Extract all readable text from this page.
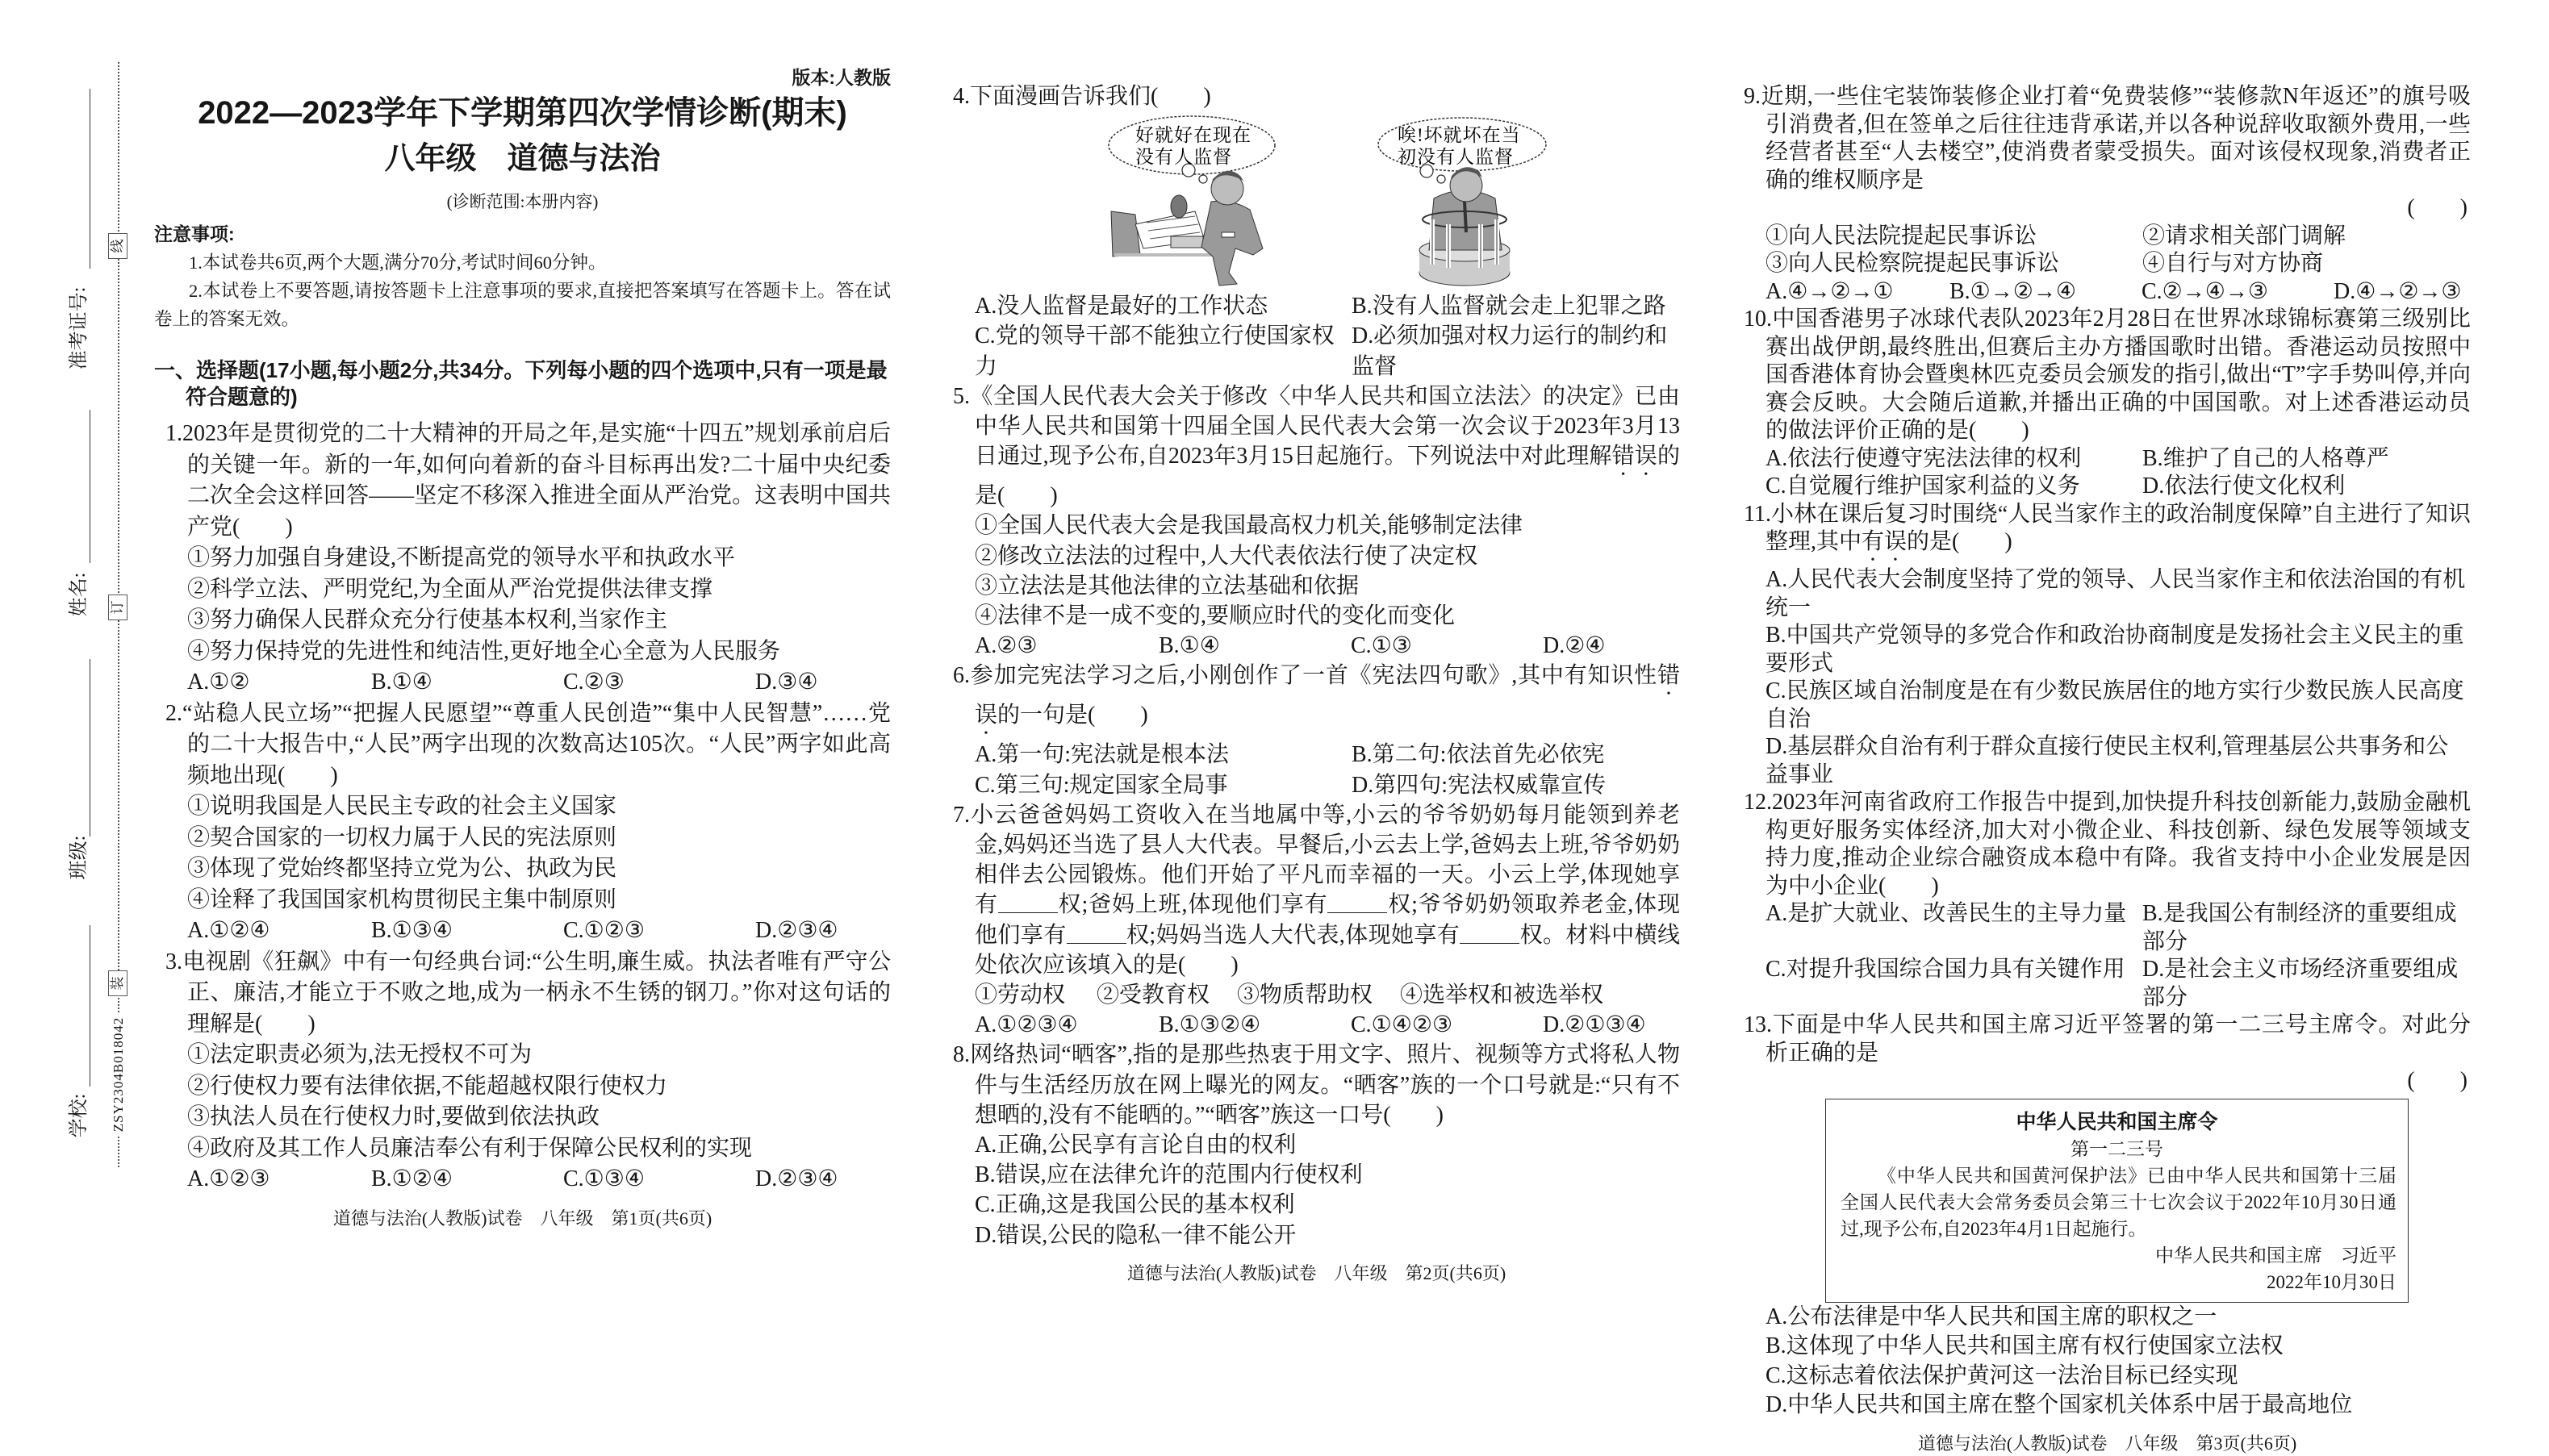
准考证号:
姓名:
班级:
学校: ZSY2304B018042
线
订
装
版本:人教版
2022—2023学年下学期第四次学情诊断(期末)
八年级　道德与法治
(诊断范围:本册内容)
注意事项:
1.本试卷共6页,两个大题,满分70分,考试时间60分钟。
2.本试卷上不要答题,请按答题卡上注意事项的要求,直接把答案填写在答题卡上。答在试卷上的答案无效。
一、选择题(17小题,每小题2分,共34分。下列每小题的四个选项中,只有一项是最符合题意的)
1.2023年是贯彻党的二十大精神的开局之年,是实施“十四五”规划承前启后的关键一年。新的一年,如何向着新的奋斗目标再出发?二十届中央纪委二次全会这样回答——坚定不移深入推进全面从严治党。这表明中国共产党(　　)
①努力加强自身建设,不断提高党的领导水平和执政水平
②科学立法、严明党纪,为全面从严治党提供法律支撑
③努力确保人民群众充分行使基本权利,当家作主
④努力保持党的先进性和纯洁性,更好地全心全意为人民服务
A.①②	B.①④	C.②③	D.③④
2.“站稳人民立场”“把握人民愿望”“尊重人民创造”“集中人民智慧”……党的二十大报告中,“人民”两字出现的次数高达105次。“人民”两字如此高频地出现(　　)
①说明我国是人民民主专政的社会主义国家
②契合国家的一切权力属于人民的宪法原则
③体现了党始终都坚持立党为公、执政为民
④诠释了我国国家机构贯彻民主集中制原则
A.①②④	B.①③④	C.①②③	D.②③④
3.电视剧《狂飙》中有一句经典台词:“公生明,廉生威。执法者唯有严守公正、廉洁,才能立于不败之地,成为一柄永不生锈的钢刀。”你对这句话的理解是(　　)
①法定职责必须为,法无授权不可为
②行使权力要有法律依据,不能超越权限行使权力
③执法人员在行使权力时,要做到依法执政
④政府及其工作人员廉洁奉公有利于保障公民权利的实现
A.①②③	B.①②④	C.①③④	D.②③④
道德与法治(人教版)试卷　八年级　第1页(共6页)
4.下面漫画告诉我们(　　)
好就好在现在
没有人监督
唉!坏就坏在当
初没有人监督
A.没人监督是最好的工作状态	B.没有人监督就会走上犯罪之路
C.党的领导干部不能独立行使国家权力
D.必须加强对权力运行的制约和监督
5.《全国人民代表大会关于修改〈中华人民共和国立法法〉的决定》已由中华人民共和国第十四届全国人民代表大会第一次会议于2023年3月13日通过,现予公布,自2023年3月15日起施行。下列说法中对此理解错误的是(　　)
①全国人民代表大会是我国最高权力机关,能够制定法律
②修改立法法的过程中,人大代表依法行使了决定权
③立法法是其他法律的立法基础和依据
④法律不是一成不变的,要顺应时代的变化而变化
A.②③	B.①④	C.①③	D.②④
6.参加完宪法学习之后,小刚创作了一首《宪法四句歌》,其中有知识性错误的一句是(　　)
A.第一句:宪法就是根本法	B.第二句:依法首先必依宪
C.第三句:规定国家全局事	D.第四句:宪法权威靠宣传
7.小云爸爸妈妈工资收入在当地属中等,小云的爷爷奶奶每月能领到养老金,妈妈还当选了县人大代表。早餐后,小云去上学,爸妈去上班,爷爷奶奶相伴去公园锻炼。他们开始了平凡而幸福的一天。小云上学,体现她享有	权;爸妈上班,体现他们享有	权;爷爷奶奶领取养老金,体现他们享有	权;妈妈当选人大代表,体现她享有	权。材料中横线处依次应该填入的是(　　)
①劳动权 ②受教育权 ③物质帮助权 ④选举权和被选举权
A.①②③④	B.①③②④	C.①④②③	D.②①③④
8.网络热词“晒客”,指的是那些热衷于用文字、照片、视频等方式将私人物件与生活经历放在网上曝光的网友。“晒客”族的一个口号就是:“只有不想晒的,没有不能晒的。”“晒客”族这一口号(　　)
A.正确,公民享有言论自由的权利
B.错误,应在法律允许的范围内行使权利
C.正确,这是我国公民的基本权利
D.错误,公民的隐私一律不能公开
道德与法治(人教版)试卷　八年级　第2页(共6页)
9.近期,一些住宅装饰装修企业打着“免费装修”“装修款N年返还”的旗号吸引消费者,但在签单之后往往违背承诺,并以各种说辞收取额外费用,一些经营者甚至“人去楼空”,使消费者蒙受损失。面对该侵权现象,消费者正确的维权顺序是
(　　)
①向人民法院提起民事诉讼	②请求相关部门调解
③向人民检察院提起民事诉讼	④自行与对方协商
A.④→②→①	B.①→②→④	C.②→④→③	D.④→②→③
10.中国香港男子冰球代表队2023年2月28日在世界冰球锦标赛第三级别比赛出战伊朗,最终胜出,但赛后主办方播国歌时出错。香港运动员按照中国香港体育协会暨奥林匹克委员会颁发的指引,做出“T”字手势叫停,并向赛会反映。大会随后道歉,并播出正确的中国国歌。对上述香港运动员的做法评价正确的是(　　)
A.依法行使遵守宪法法律的权利	B.维护了自己的人格尊严
C.自觉履行维护国家利益的义务	D.依法行使文化权利
11.小林在课后复习时围绕“人民当家作主的政治制度保障”自主进行了知识整理,其中有误的是(　　)
A.人民代表大会制度坚持了党的领导、人民当家作主和依法治国的有机统一
B.中国共产党领导的多党合作和政治协商制度是发扬社会主义民主的重要形式
C.民族区域自治制度是在有少数民族居住的地方实行少数民族人民高度自治
D.基层群众自治有利于群众直接行使民主权利,管理基层公共事务和公益事业
12.2023年河南省政府工作报告中提到,加快提升科技创新能力,鼓励金融机构更好服务实体经济,加大对小微企业、科技创新、绿色发展等领域支持力度,推动企业综合融资成本稳中有降。我省支持中小企业发展是因为中小企业(　　)
A.是扩大就业、改善民生的主导力量 B.是我国公有制经济的重要组成部分
C.对提升我国综合国力具有关键作用 D.是社会主义市场经济重要组成部分
13.下面是中华人民共和国主席习近平签署的第一二三号主席令。对此分析正确的是
(　　)
中华人民共和国主席令
第一二三号
《中华人民共和国黄河保护法》已由中华人民共和国第十三届全国人民代表大会常务委员会第三十七次会议于2022年10月30日通过,现予公布,自2023年4月1日起施行。
中华人民共和国主席　习近平
2022年10月30日
A.公布法律是中华人民共和国主席的职权之一
B.这体现了中华人民共和国主席有权行使国家立法权
C.这标志着依法保护黄河这一法治目标已经实现
D.中华人民共和国主席在整个国家机关体系中居于最高地位
道德与法治(人教版)试卷　八年级　第3页(共6页)
